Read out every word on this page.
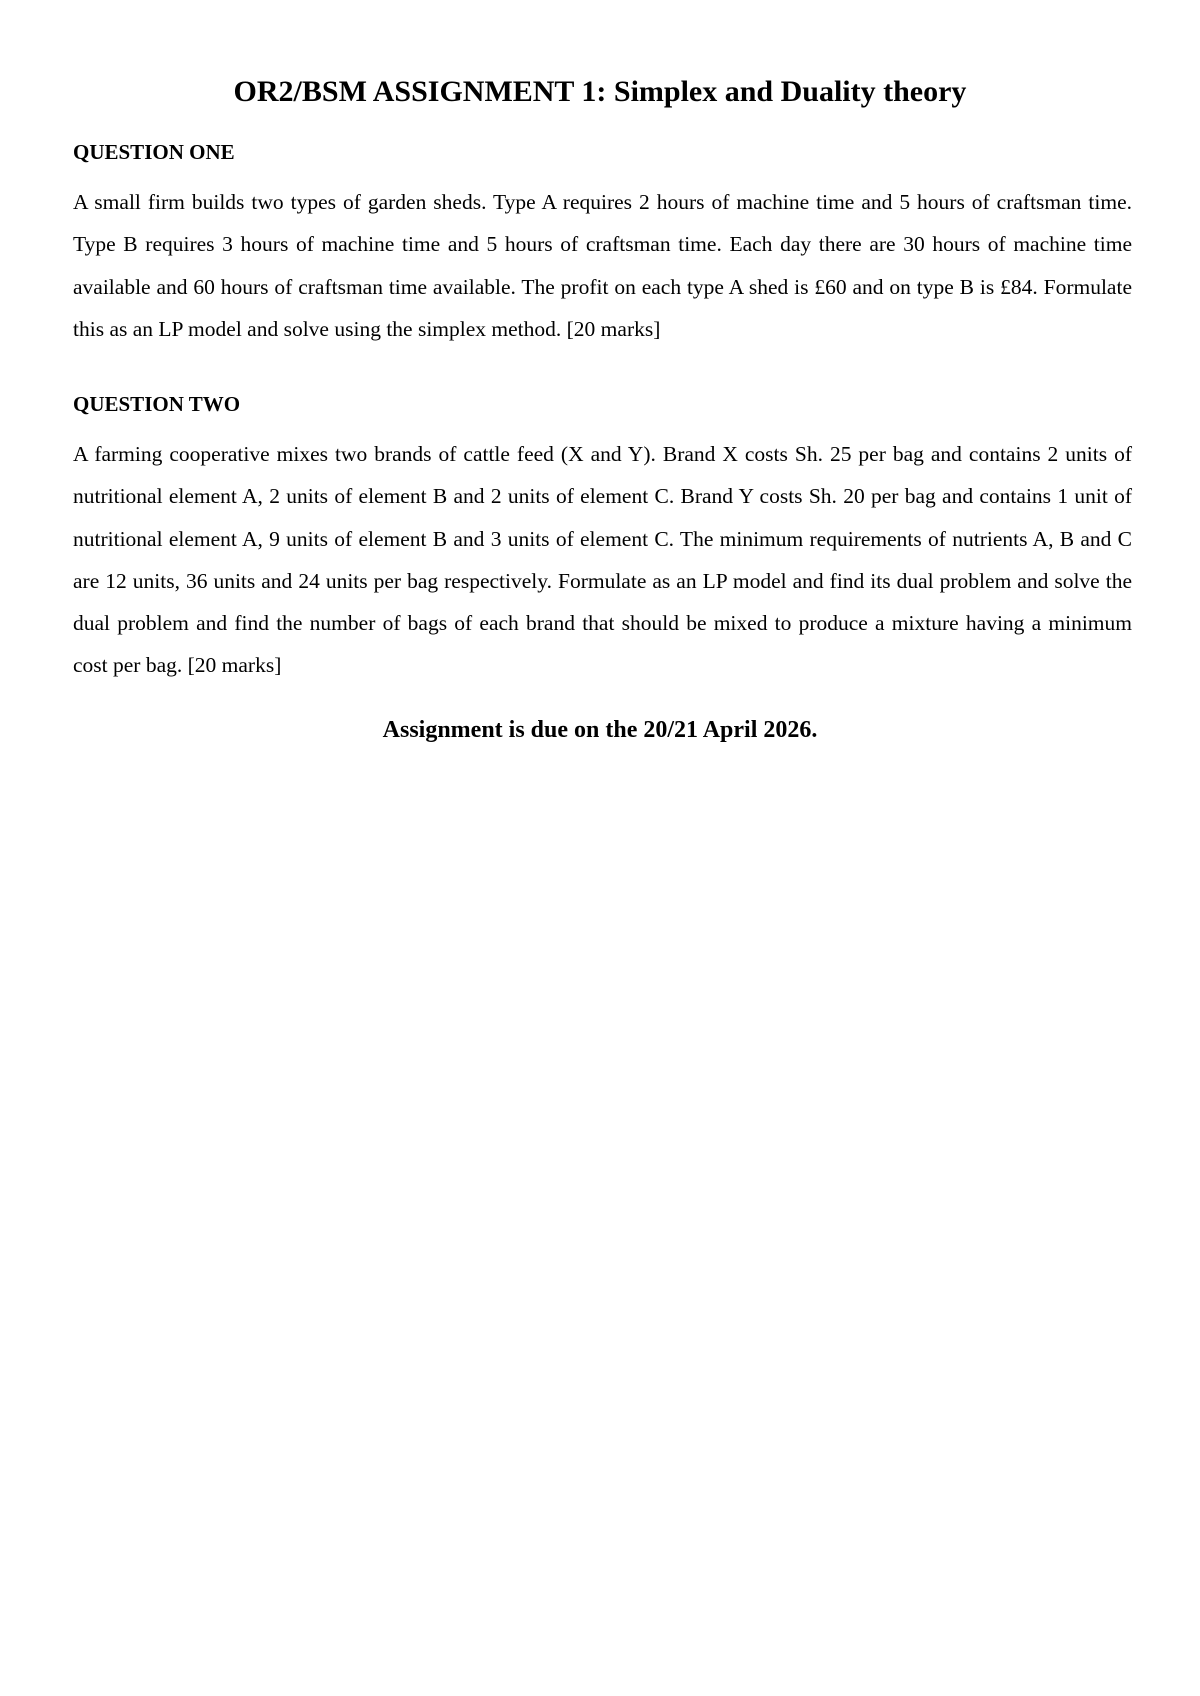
OR2/BSM ASSIGNMENT 1: Simplex and Duality theory
QUESTION ONE

A small firm builds two types of garden sheds. Type A requires 2 hours of machine time and 5 hours of craftsman time. Type B requires 3 hours of machine time and 5 hours of craftsman time. Each day there are 30 hours of machine time available and 60 hours of craftsman time available. The profit on each type A shed is £60 and on type B is £84. Formulate this as an LP model and solve using the simplex method. [20 marks]

QUESTION TWO

A farming cooperative mixes two brands of cattle feed (X and Y). Brand X costs Sh. 25 per bag and contains 2 units of nutritional element A, 2 units of element B and 2 units of element C. Brand Y costs Sh. 20 per bag and contains 1 unit of nutritional element A, 9 units of element B and 3 units of element C. The minimum requirements of nutrients A, B and C are 12 units, 36 units and 24 units per bag respectively. Formulate as an LP model and find its dual problem and solve the dual problem and find the number of bags of each brand that should be mixed to produce a mixture having a minimum cost per bag. [20 marks]

Assignment is due on the 20/21 April 2026.
